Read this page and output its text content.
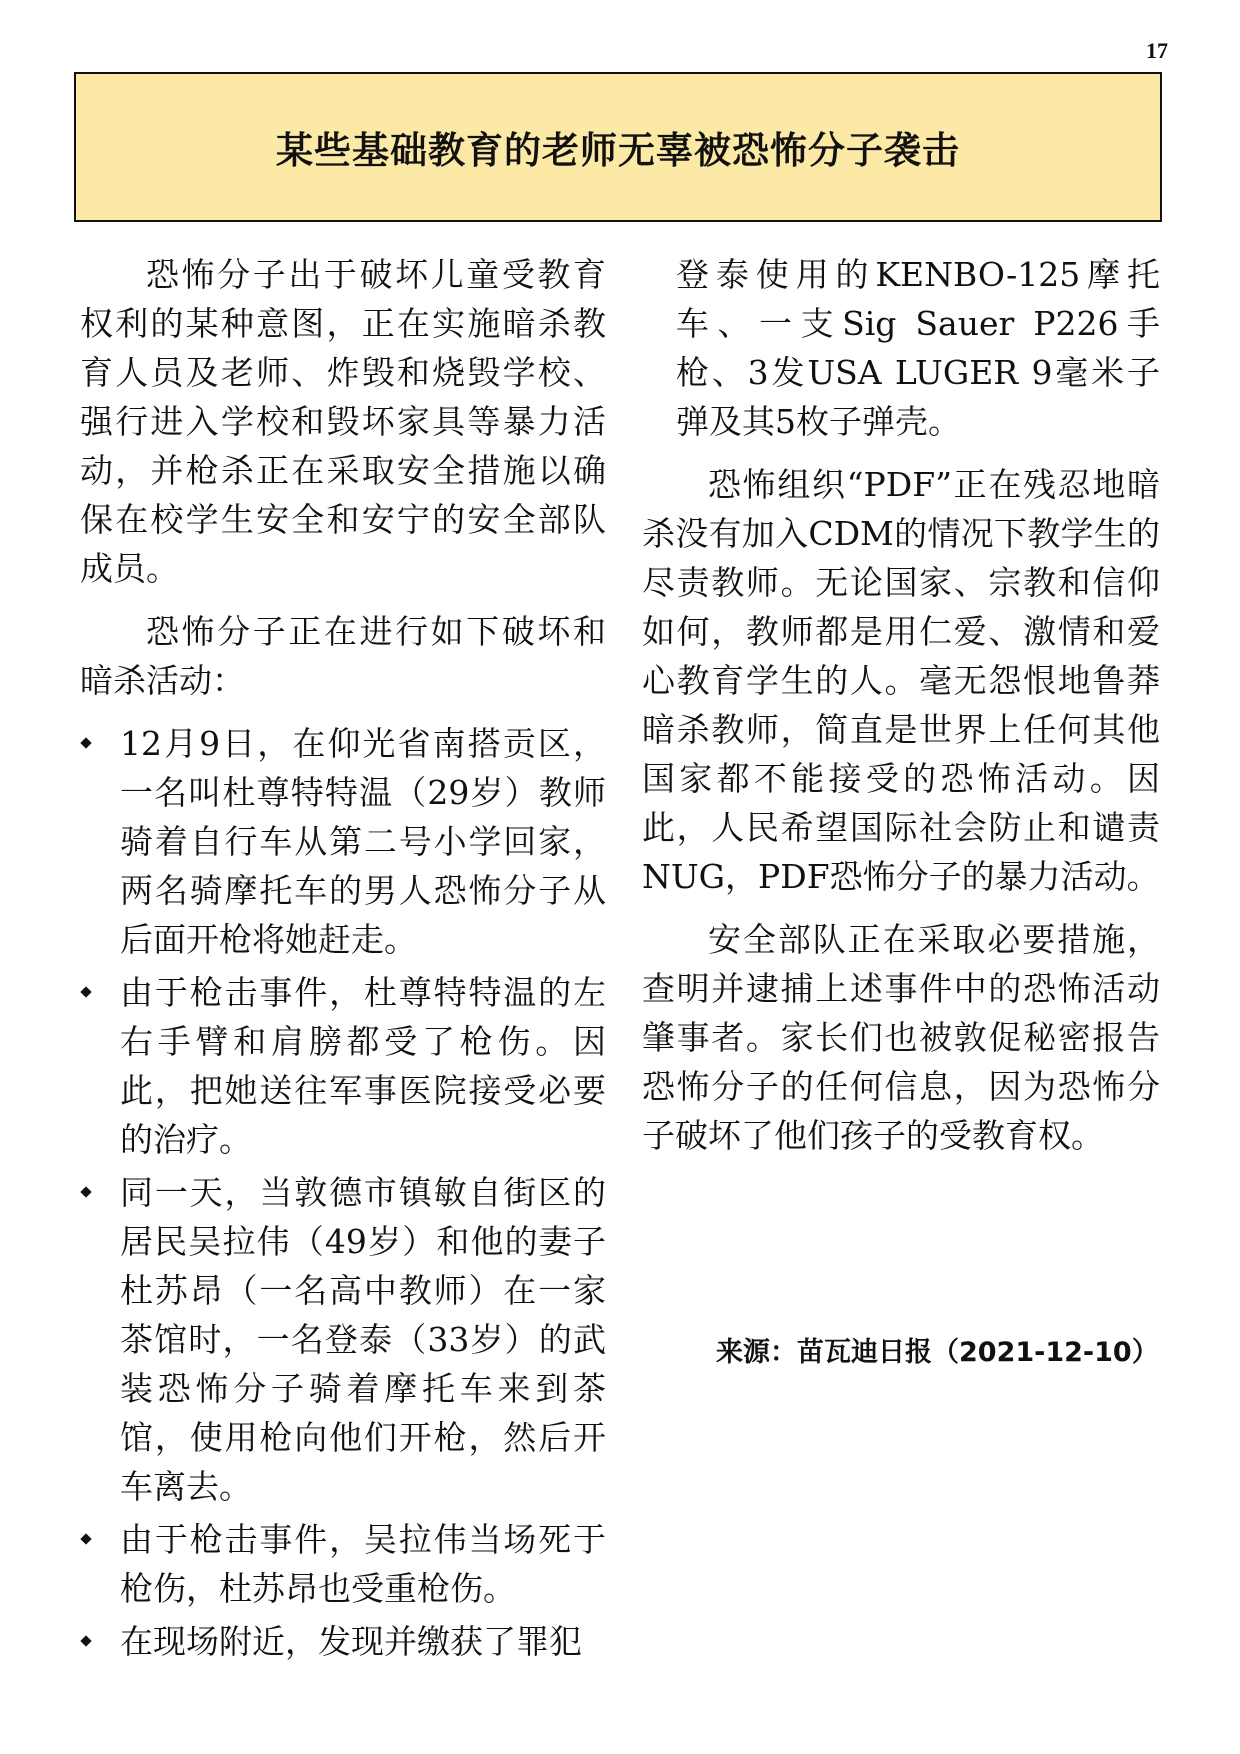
17
某些基础教育的老师无辜被恐怖分子袭击

恐怖分子出于破坏儿童受教育权利的某种意图，正在实施暗杀教育人员及老师、炸毁和烧毁学校、强行进入学校和毁坏家具等暴力活动，并枪杀正在采取安全措施以确保在校学生安全和安宁的安全部队成员。

恐怖分子正在进行如下破坏和暗杀活动：

12月9日，在仰光省南搭贡区，一名叫杜尊特特温（29岁）教师骑着自行车从第二号小学回家，两名骑摩托车的男人恐怖分子从后面开枪将她赶走。
由于枪击事件，杜尊特特温的左右手臂和肩膀都受了枪伤。因此，把她送往军事医院接受必要的治疗。
同一天，当敦德市镇敏自街区的居民吴拉伟（49岁）和他的妻子杜苏昂（一名高中教师）在一家茶馆时，一名登泰（33岁）的武装恐怖分子骑着摩托车来到茶馆，使用枪向他们开枪，然后开车离去。
由于枪击事件，吴拉伟当场死于枪伤，杜苏昂也受重枪伤。
在现场附近，发现并缴获了罪犯

登泰使用的KENBO-125摩托车、一支Sig Sauer P226手枪、3发USA LUGER 9毫米子弹及其5枚子弹壳。

恐怖组织“PDF”正在残忍地暗杀没有加入CDM的情况下教学生的尽责教师。无论国家、宗教和信仰如何，教师都是用仁爱、激情和爱心教育学生的人。毫无怨恨地鲁莽暗杀教师，简直是世界上任何其他国家都不能接受的恐怖活动。因此，人民希望国际社会防止和谴责NUG，PDF恐怖分子的暴力活动。

安全部队正在采取必要措施，查明并逮捕上述事件中的恐怖活动肇事者。家长们也被敦促秘密报告恐怖分子的任何信息，因为恐怖分子破坏了他们孩子的受教育权。

来源：苗瓦迪日报（2021-12-10）
